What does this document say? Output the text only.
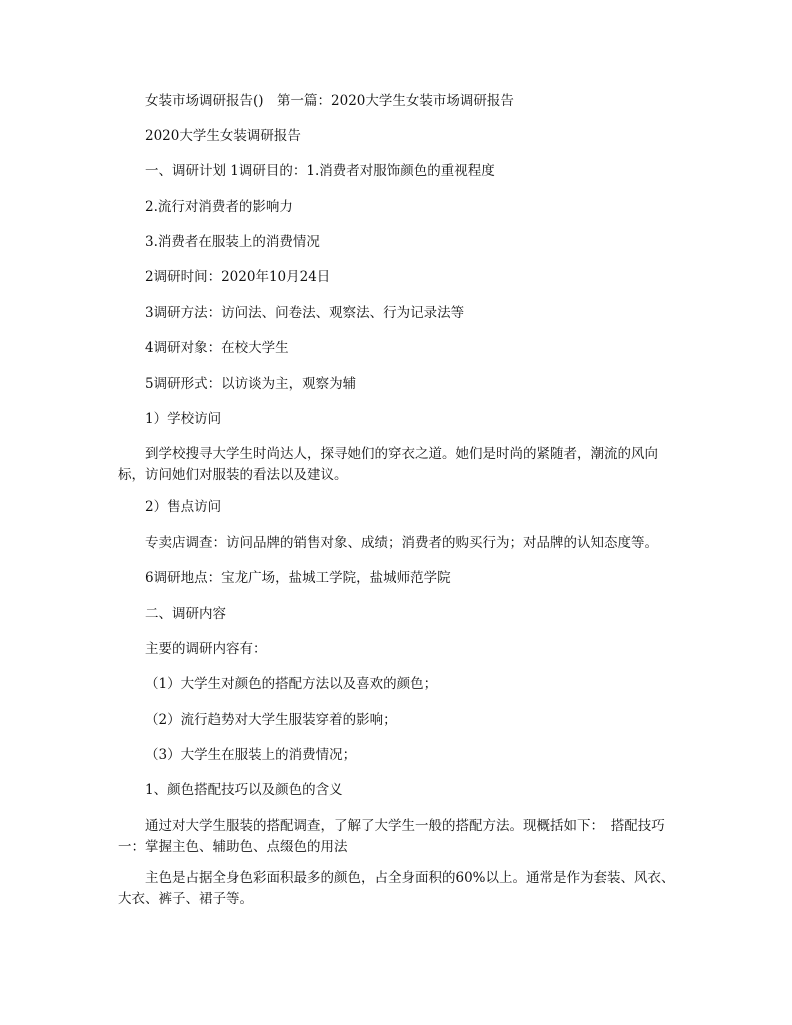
女装市场调研报告()　第一篇：2020大学生女装市场调研报告

2020大学生女装调研报告

一、调研计划 1调研目的：1.消费者对服饰颜色的重视程度

2.流行对消费者的影响力

3.消费者在服装上的消费情况

2调研时间：2020年10月24日

3调研方法：访问法、问卷法、观察法、行为记录法等

4调研对象：在校大学生

5调研形式：以访谈为主，观察为辅

1）学校访问

到学校搜寻大学生时尚达人，探寻她们的穿衣之道。她们是时尚的紧随者，潮流的风向标，访问她们对服装的看法以及建议。

2）售点访问

专卖店调查：访问品牌的销售对象、成绩；消费者的购买行为；对品牌的认知态度等。

6调研地点：宝龙广场，盐城工学院，盐城师范学院

二、调研内容

主要的调研内容有：

（1）大学生对颜色的搭配方法以及喜欢的颜色；

（2）流行趋势对大学生服装穿着的影响；

（3）大学生在服装上的消费情况；

1、颜色搭配技巧以及颜色的含义

通过对大学生服装的搭配调查，了解了大学生一般的搭配方法。现概括如下：　搭配技巧一：掌握主色、辅助色、点缀色的用法

主色是占据全身色彩面积最多的颜色，占全身面积的60%以上。通常是作为套装、风衣、大衣、裤子、裙子等。
